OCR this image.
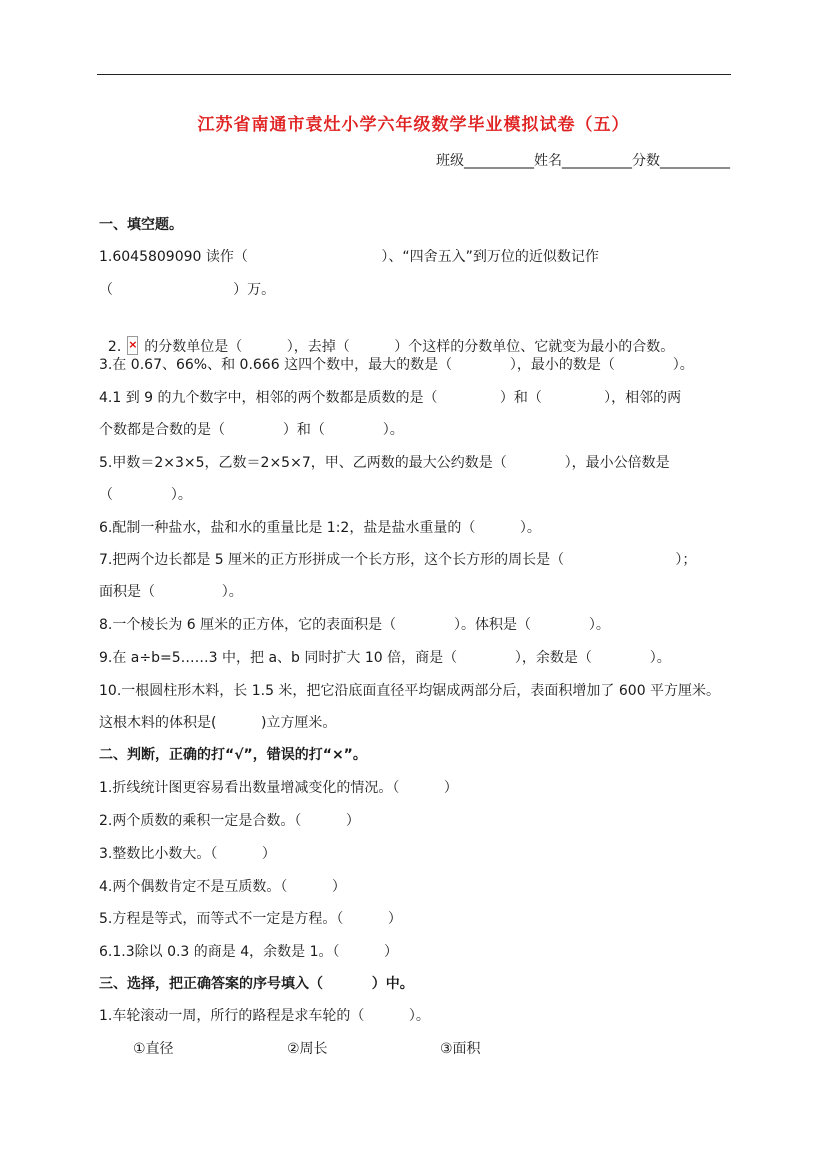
江苏省南通市袁灶小学六年级数学毕业模拟试卷（五）
班级__________姓名__________分数__________
一、填空题。
1.6045809090 读作（                              ）、“四舍五入”到万位的近似数记作
（                           ）万。

2. × 的分数单位是（          ），去掉（          ）个这样的分数单位、它就变为最小的合数。

3.在 0.67、66%、和 0.666 这四个数中，最大的数是（             ），最小的数是（             ）。
4.1 到 9 的九个数字中，相邻的两个数都是质数的是（              ）和（              ），相邻的两
个数都是合数的是（             ）和（             ）。
5.甲数＝2×3×5，乙数＝2×5×7，甲、乙两数的最大公约数是（             ），最小公倍数是
（             ）。
6.配制一种盐水，盐和水的重量比是 1:2，盐是盐水重量的（          ）。
7.把两个边长都是 5 厘米的正方形拼成一个长方形，这个长方形的周长是（                         ）；
面积是（               ）。
8.一个棱长为 6 厘米的正方体，它的表面积是（             ）。体积是（             ）。
9.在 a÷b=5……3 中，把 a、b 同时扩大 10 倍，商是（             ），余数是（             ）。
10.一根圆柱形木料，长 1.5 米，把它沿底面直径平均锯成两部分后，表面积增加了 600 平方厘米。
这根木料的体积是(          )立方厘米。
二、判断，正确的打“√”，错误的打“×”。
1.折线统计图更容易看出数量增减变化的情况。（          ）
2.两个质数的乘积一定是合数。（          ）
3.整数比小数大。（          ）
4.两个偶数肯定不是互质数。（          ）
5.方程是等式，而等式不一定是方程。（          ）
6.1.3除以 0.3 的商是 4，余数是 1。（          ）
三、选择，把正确答案的序号填入（          ）中。
1.车轮滚动一周，所行的路程是求车轮的（          ）。
①直径	②周长	③面积
